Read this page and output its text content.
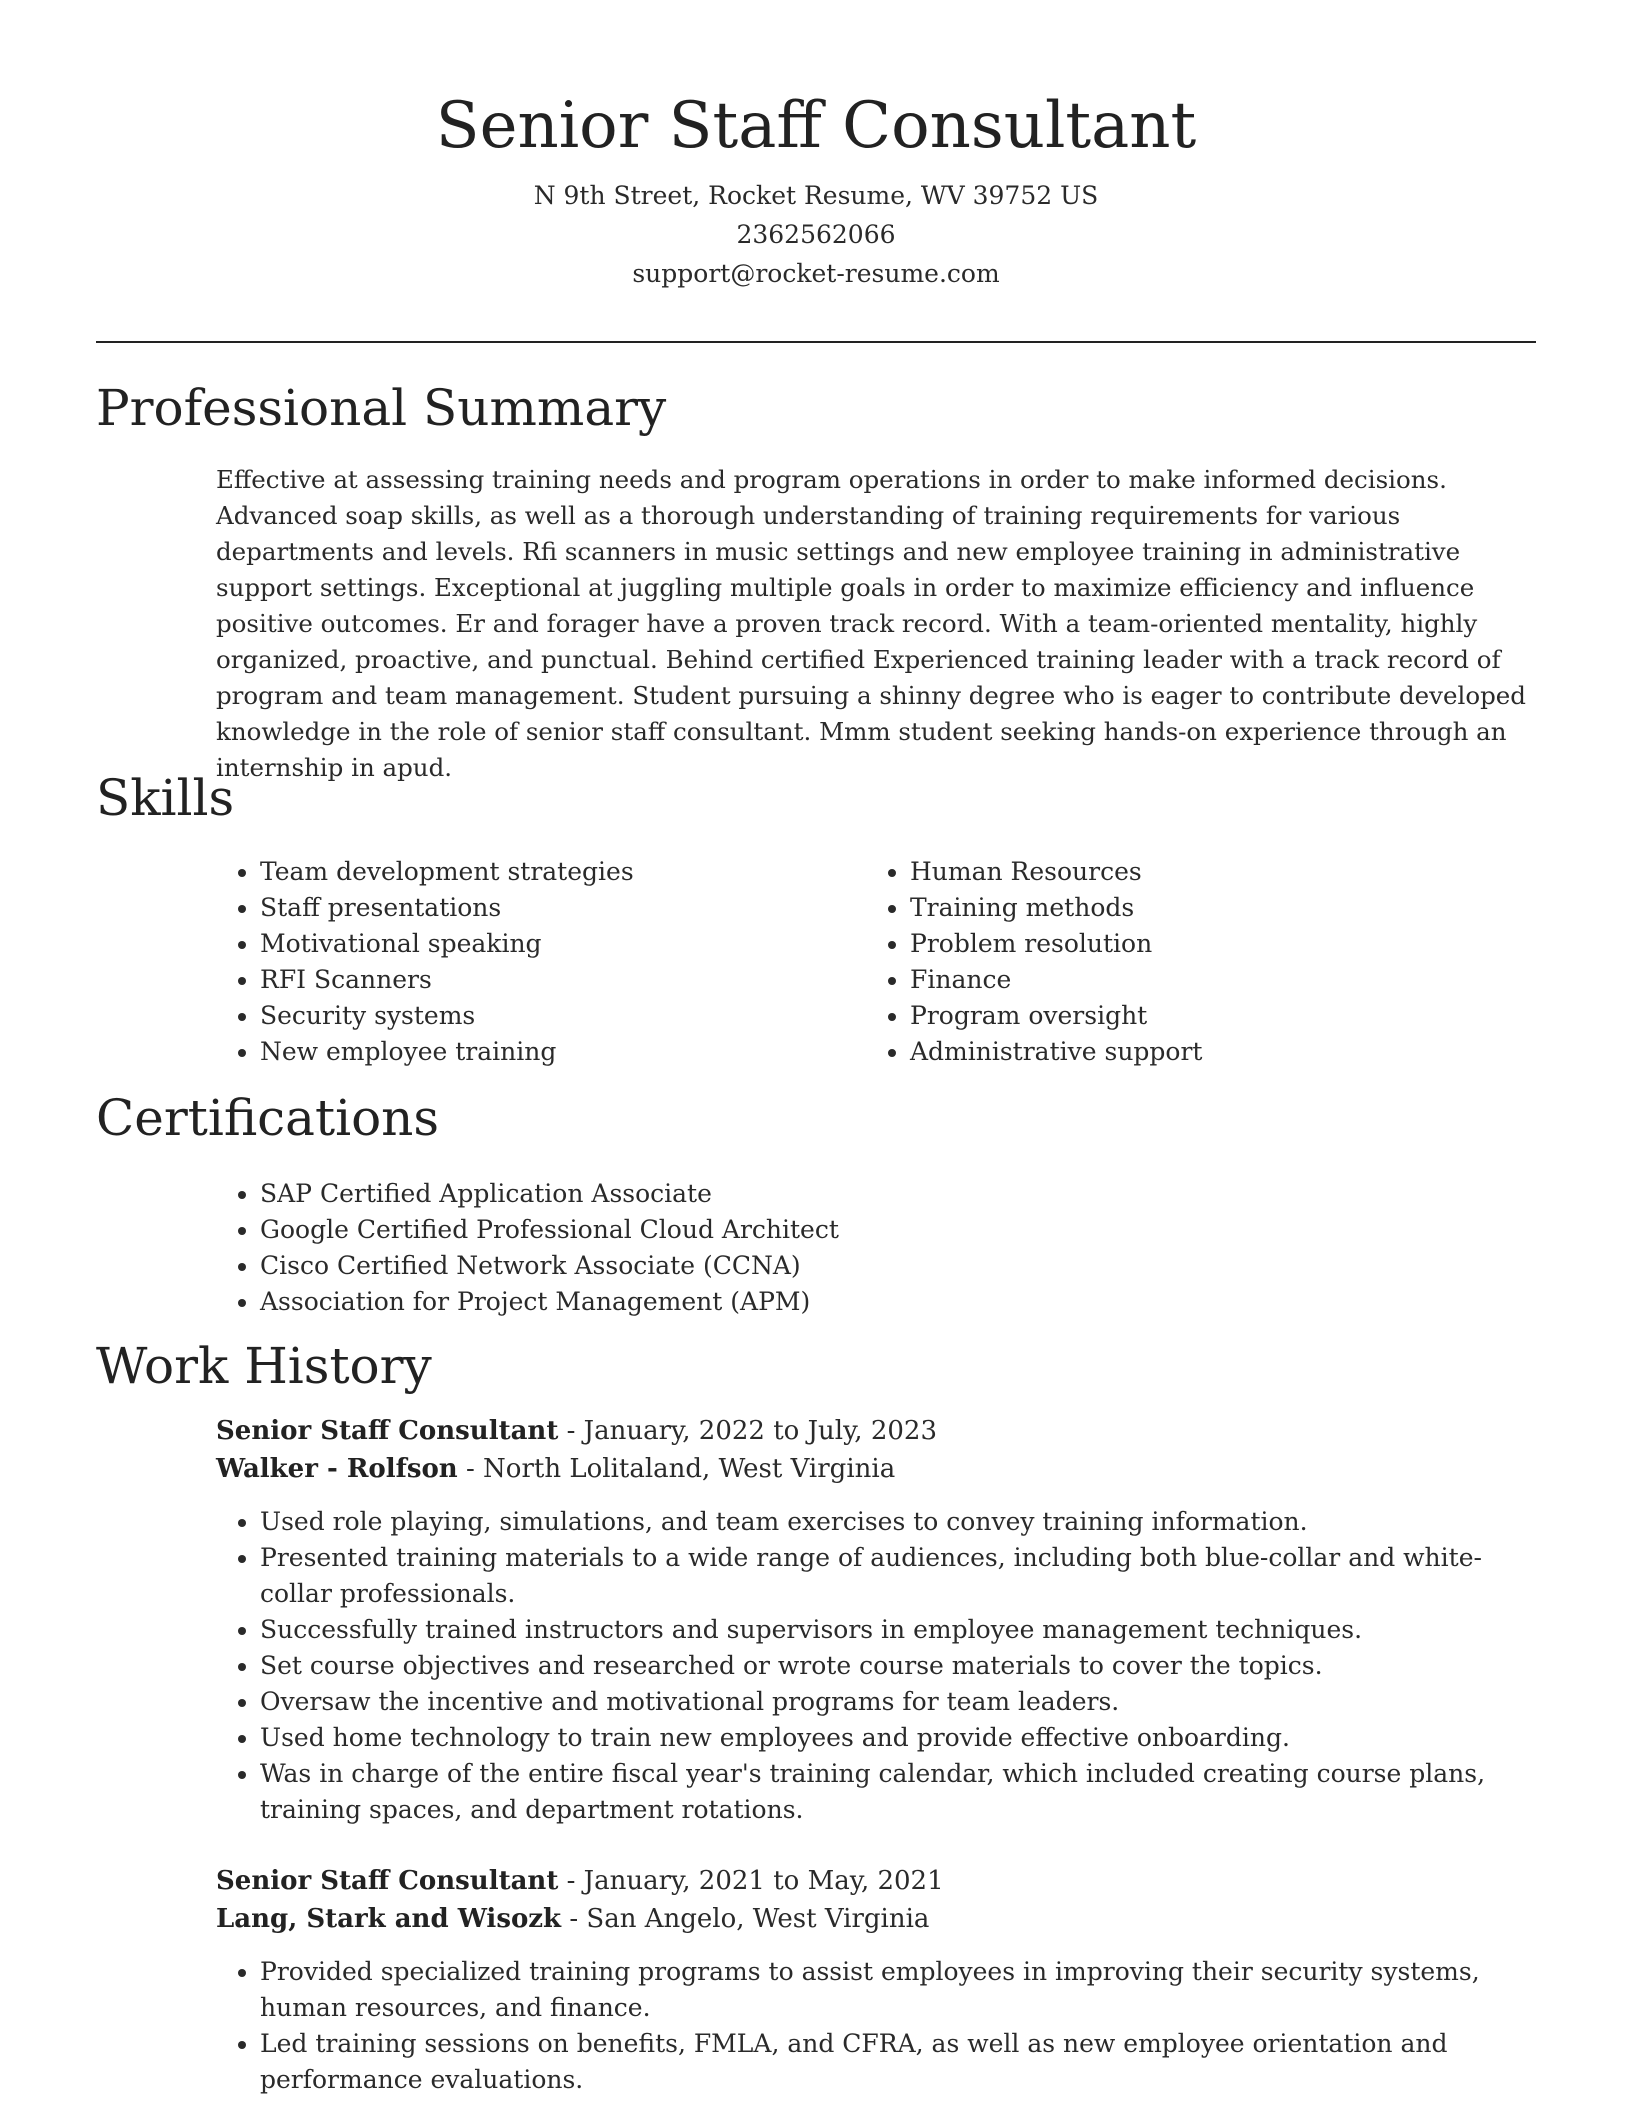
Senior Staff Consultant
N 9th Street, Rocket Resume, WV 39752 US
2362562066
support@rocket-resume.com
Professional Summary

Effective at assessing training needs and program operations in order to make informed decisions. Advanced soap skills, as well as a thorough understanding of training requirements for various departments and levels. Rfi scanners in music settings and new employee training in administrative support settings. Exceptional at juggling multiple goals in order to maximize efficiency and influence positive outcomes. Er and forager have a proven track record. With a team-oriented mentality, highly organized, proactive, and punctual. Behind certified Experienced training leader with a track record of program and team management. Student pursuing a shinny degree who is eager to contribute developed knowledge in the role of senior staff consultant. Mmm student seeking hands-on experience through an internship in apud.

Skills
• Team development strategies
• Staff presentations
• Motivational speaking
• RFI Scanners
• Security systems
• New employee training
• Human Resources
• Training methods
• Problem resolution
• Finance
• Program oversight
• Administrative support
Certifications
• SAP Certified Application Associate
• Google Certified Professional Cloud Architect
• Cisco Certified Network Associate (CCNA)
• Association for Project Management (APM)
Work History
Senior Staff Consultant - January, 2022 to July, 2023
Walker - Rolfson - North Lolitaland, West Virginia
• Used role playing, simulations, and team exercises to convey training information.
• Presented training materials to a wide range of audiences, including both blue-collar and white-collar professionals.
• Successfully trained instructors and supervisors in employee management techniques.
• Set course objectives and researched or wrote course materials to cover the topics.
• Oversaw the incentive and motivational programs for team leaders.
• Used home technology to train new employees and provide effective onboarding.
• Was in charge of the entire fiscal year's training calendar, which included creating course plans, training spaces, and department rotations.
Senior Staff Consultant - January, 2021 to May, 2021
Lang, Stark and Wisozk - San Angelo, West Virginia
• Provided specialized training programs to assist employees in improving their security systems, human resources, and finance.
• Led training sessions on benefits, FMLA, and CFRA, as well as new employee orientation and performance evaluations.
